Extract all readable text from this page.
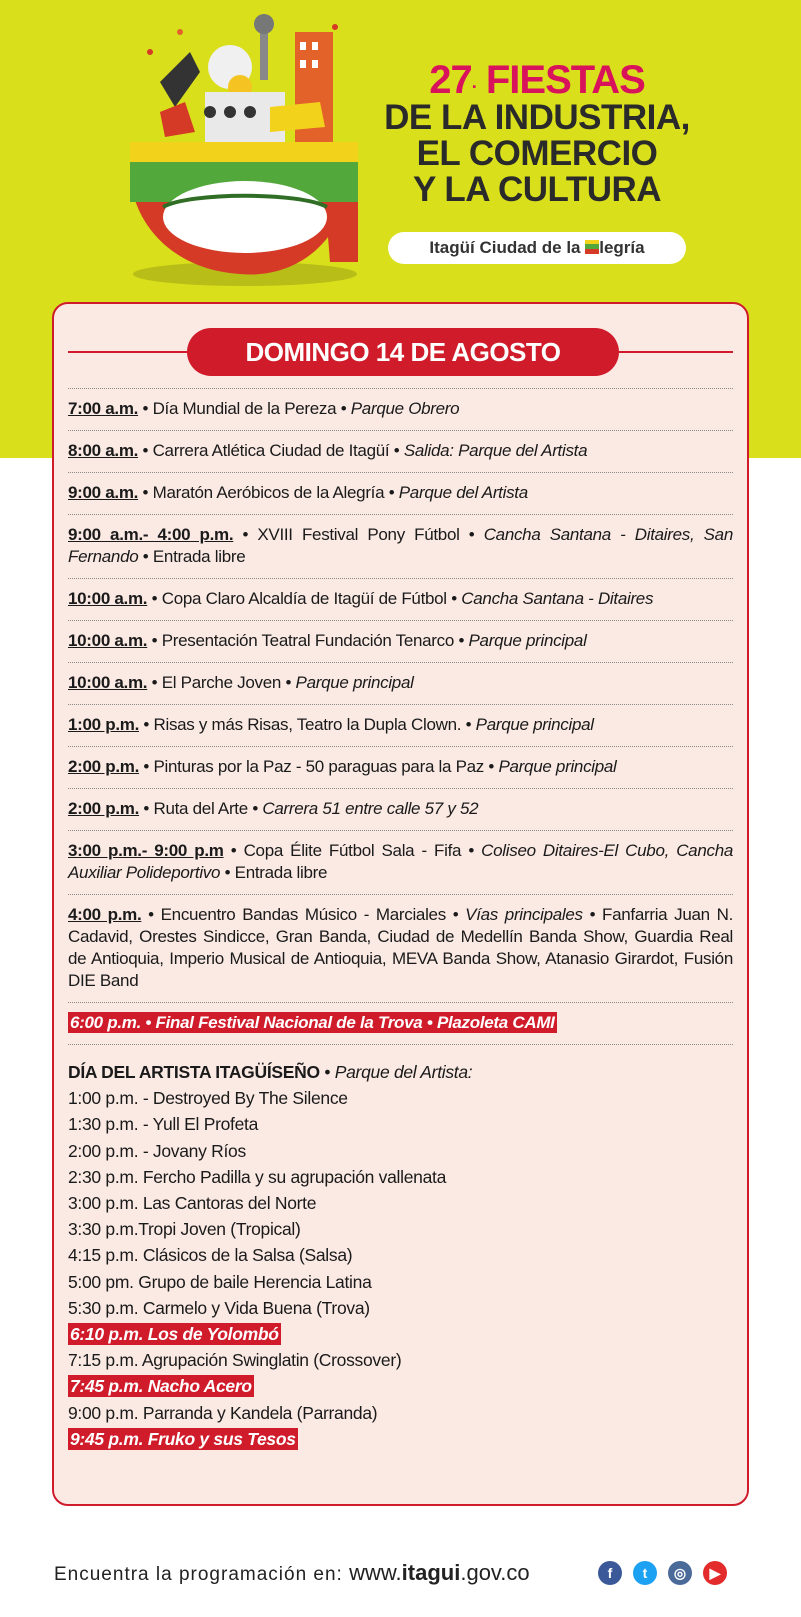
27. FIESTAS
DE LA INDUSTRIA,
EL COMERCIO
Y LA CULTURA
Itagüí Ciudad de la legría
DOMINGO 14 DE AGOSTO
7:00 a.m. • Día Mundial de la Pereza • Parque Obrero
8:00 a.m. • Carrera Atlética Ciudad de Itagüí • Salida: Parque del Artista
9:00 a.m. • Maratón Aeróbicos de la Alegría • Parque del Artista
9:00 a.m.- 4:00 p.m. • XVIII Festival Pony Fútbol • Cancha Santana - Ditaires, San Fernando • Entrada libre
10:00 a.m. • Copa Claro Alcaldía de Itagüí de Fútbol • Cancha Santana - Ditaires
10:00 a.m. • Presentación Teatral Fundación Tenarco • Parque principal
10:00 a.m. • El Parche Joven • Parque principal
1:00 p.m. • Risas y más Risas, Teatro la Dupla Clown. • Parque principal
2:00 p.m. • Pinturas por la Paz - 50 paraguas para la Paz • Parque principal
2:00 p.m. • Ruta del Arte • Carrera 51 entre calle 57 y 52
3:00 p.m.- 9:00 p.m • Copa Élite Fútbol Sala - Fifa • Coliseo Ditaires-El Cubo, Cancha Auxiliar Polideportivo • Entrada libre
4:00 p.m. • Encuentro Bandas Músico - Marciales • Vías principales • Fanfarria Juan N. Cadavid, Orestes Sindicce, Gran Banda, Ciudad de Medellín Banda Show, Guardia Real de Antioquia, Imperio Musical de Antioquia, MEVA Banda Show, Atanasio Girardot, Fusión DIE Band
6:00 p.m. • Final Festival Nacional de la Trova • Plazoleta CAMI
DÍA DEL ARTISTA ITAGÜÍSEÑO • Parque del Artista:
1:00 p.m. - Destroyed By The Silence
1:30 p.m. - Yull El Profeta
2:00 p.m. - Jovany Ríos
2:30 p.m. Fercho Padilla y su agrupación vallenata
3:00 p.m. Las Cantoras del Norte
3:30 p.m.Tropi Joven (Tropical)
4:15 p.m. Clásicos de la Salsa (Salsa)
5:00 pm. Grupo de baile Herencia Latina
5:30 p.m. Carmelo y Vida Buena (Trova)
6:10 p.m. Los de Yolombó
7:15 p.m. Agrupación Swinglatin (Crossover)
7:45 p.m. Nacho Acero
9:00 p.m. Parranda y Kandela (Parranda)
9:45 p.m. Fruko y sus Tesos
Encuentra la programación en: www.itagui.gov.co	f	t	◎	▶
